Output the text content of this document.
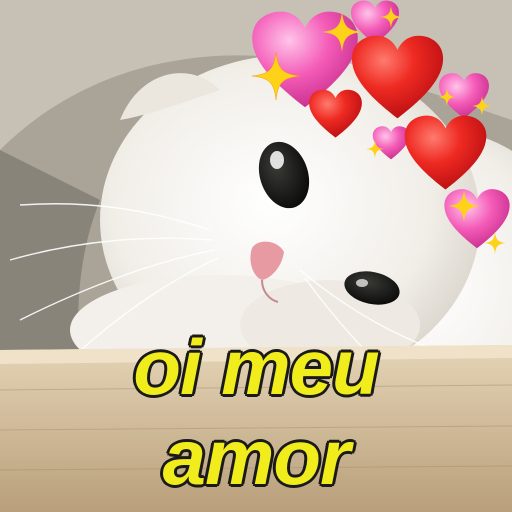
oi meu
amor
